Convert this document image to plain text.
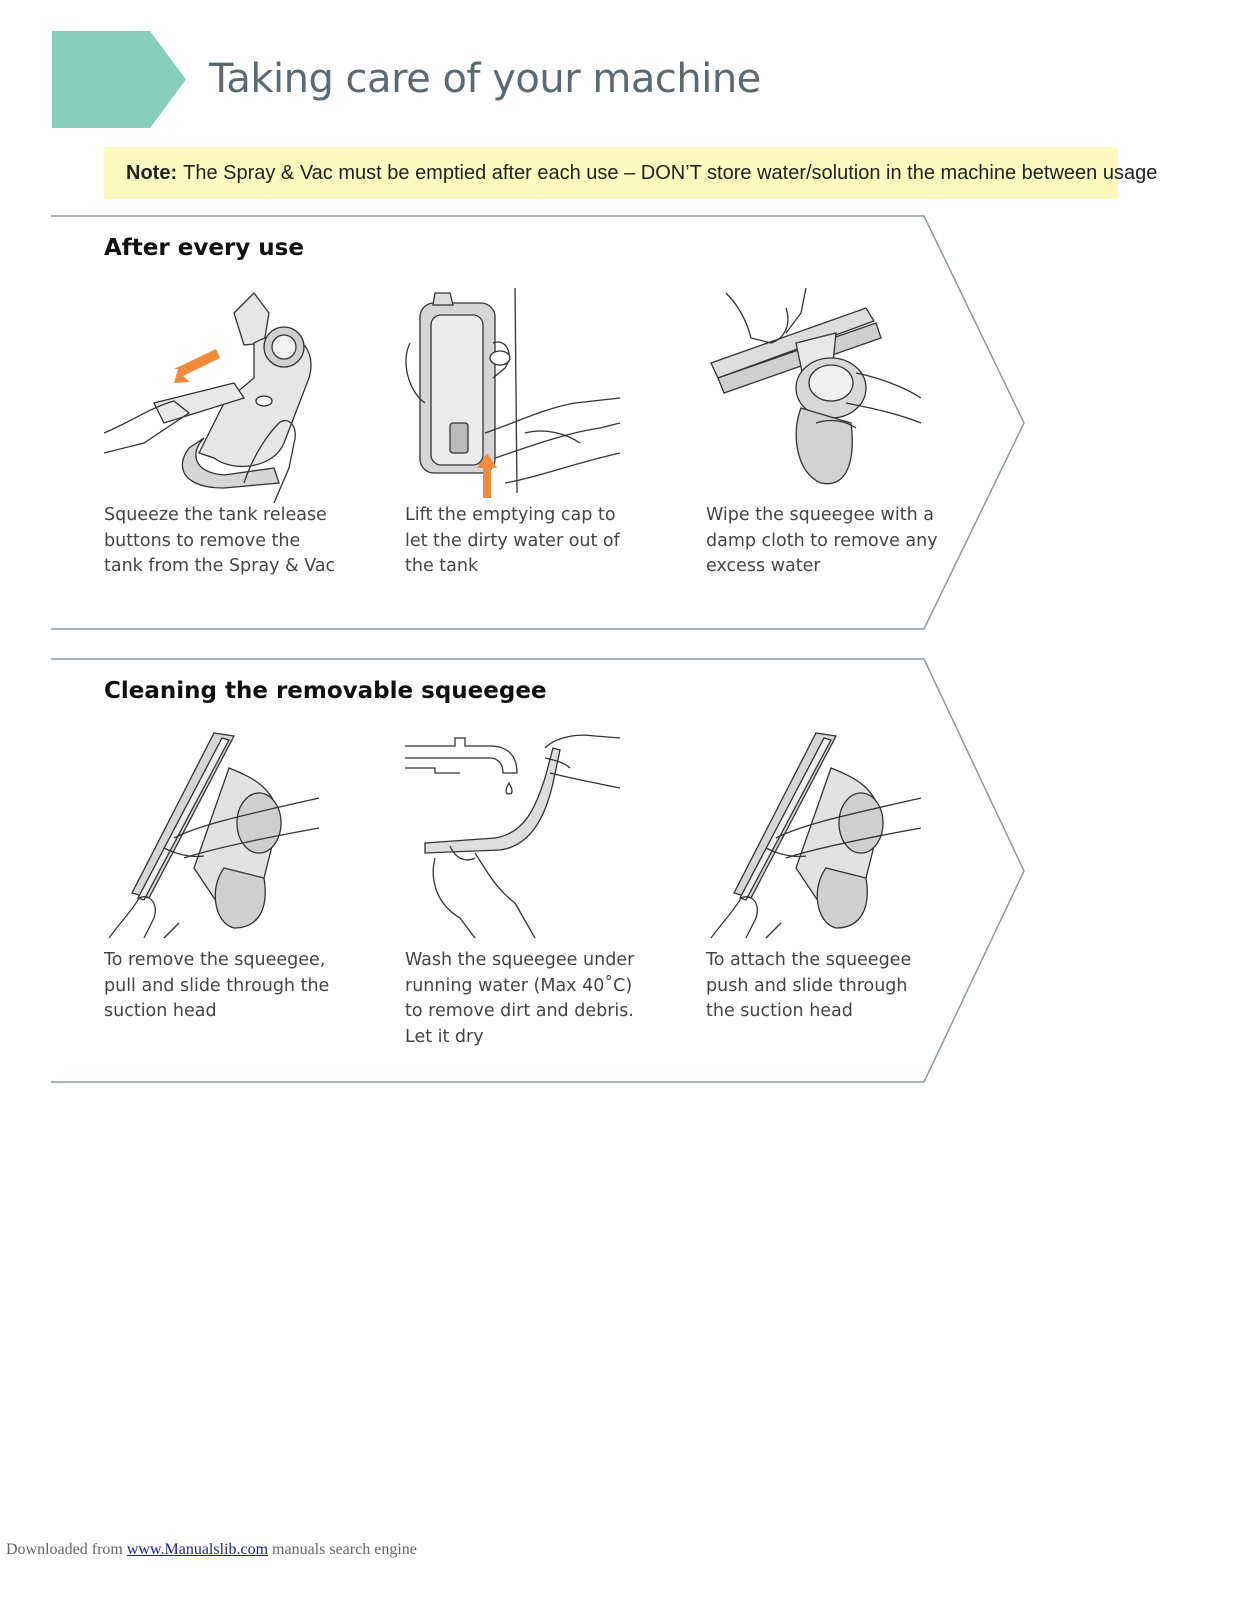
Taking care of your machine
Note: The Spray & Vac must be emptied after each use – DON’T store water/solution in the machine between usage
After every use

Squeeze the tank release buttons to remove the tank from the Spray & Vac

Lift the emptying cap to let the dirty water out of the tank

Wipe the squeegee with a damp cloth to remove any excess water

Cleaning the removable squeegee

To remove the squeegee, pull and slide through the suction head

Wash the squeegee under running water (Max 40˚C) to remove dirt and debris. Let it dry

To attach the squeegee push and slide through the suction head

Downloaded from www.Manualslib.com manuals search engine
